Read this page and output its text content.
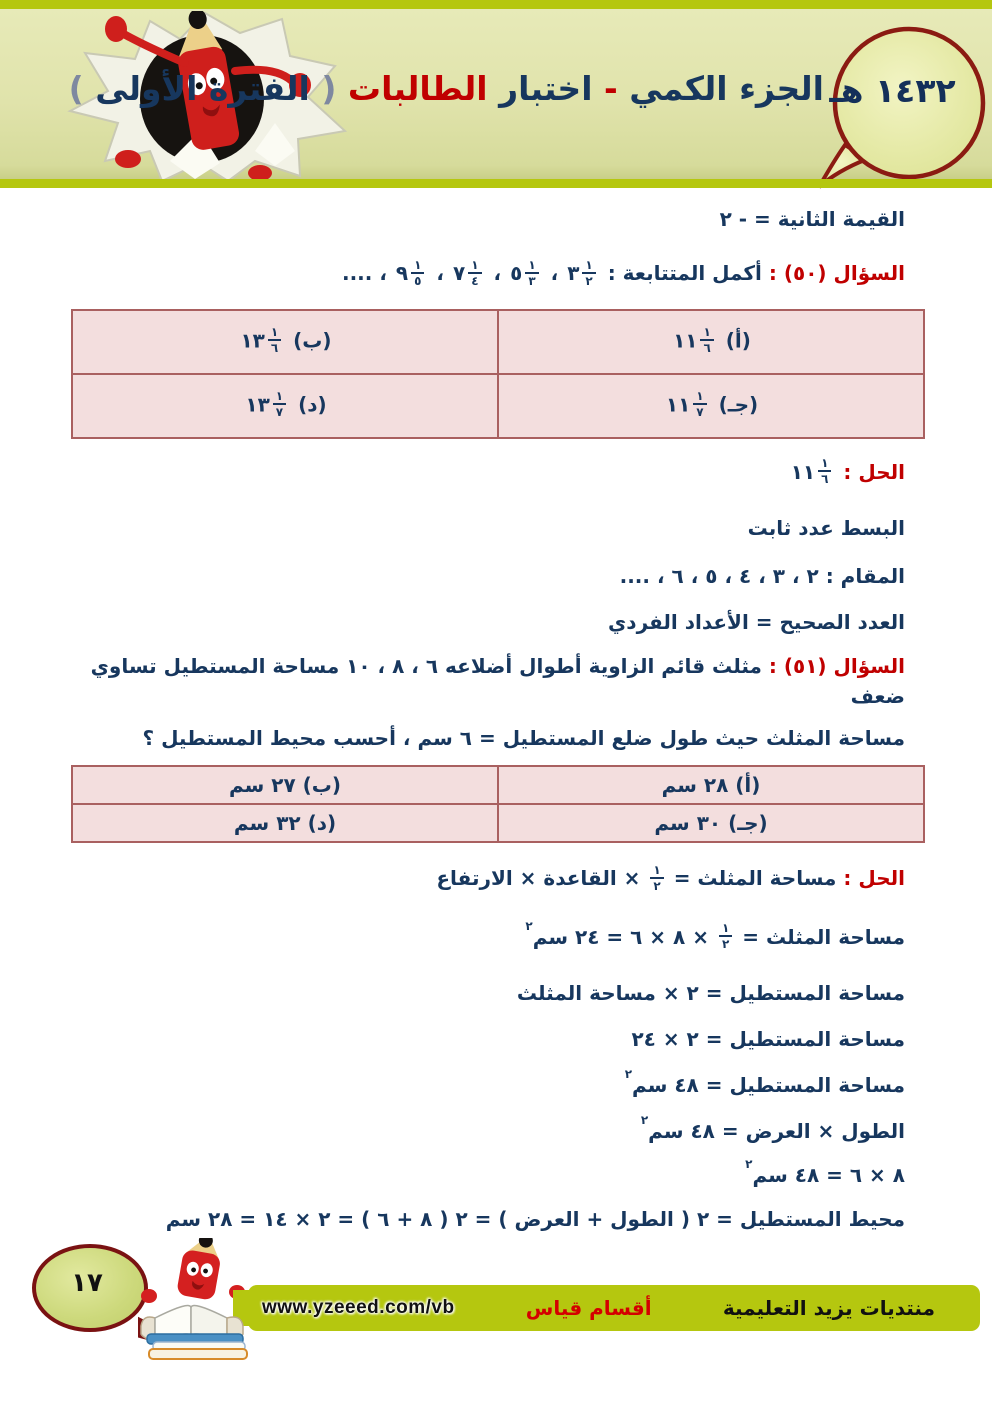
١٤٣٢ هـ
الجزء الكمي - اختبار الطالبات ( الفترة الأولى )
القيمة الثانية = - ٢
السؤال (٥٠) : أكمل المتتابعة : ٣ $\frac{١}{٢}$
، ٥ $\frac{١}{٣}$
، ٧ $\frac{١}{٤}$
، ٩ $\frac{١}{٥}$
، ....
(أ) ١١ $\frac{١}{٦}$	(ب) ١٣ $\frac{١}{٦}$

(جـ) ١١ $\frac{١}{٧}$	(د) ١٣ $\frac{١}{٧}$
الحل : ١١ $\frac{١}{٦}$
البسط عدد ثابت
المقام : ٢ ، ٣ ، ٤ ، ٥ ، ٦ ، ....
العدد الصحيح = الأعداد الفردي
السؤال (٥١) : مثلث قائم الزاوية أطوال أضلاعه ٦ ، ٨ ، ١٠ مساحة المستطيل تساوي ضعف
مساحة المثلث حيث طول ضلع المستطيل = ٦ سم ، أحسب محيط المستطيل ؟
(أ) ٢٨ سم	(ب) ٢٧ سم
(جـ) ٣٠ سم	(د) ٣٢ سم
الحل : مساحة المثلث =
$\frac{١}{٢}$
× القاعدة × الارتفاع
مساحة المثلث =
$\frac{١}{٢}$
× ٨ × ٦ = ٢٤ سم$^٢$
مساحة المستطيل = ٢ × مساحة المثلث
مساحة المستطيل = ٢ × ٢٤
مساحة المستطيل = ٤٨ سم$^٢$
الطول × العرض = ٤٨ سم$^٢$
٨ × ٦ = ٤٨ سم$^٢$
محيط المستطيل = ٢ ( الطول + العرض ) = ٢ ( ٨ + ٦ ) = ٢ × ١٤ = ٢٨ سم
١٧
www.yzeeed.com/vb	أقسام قياس	منتديات يزيد التعليمية
